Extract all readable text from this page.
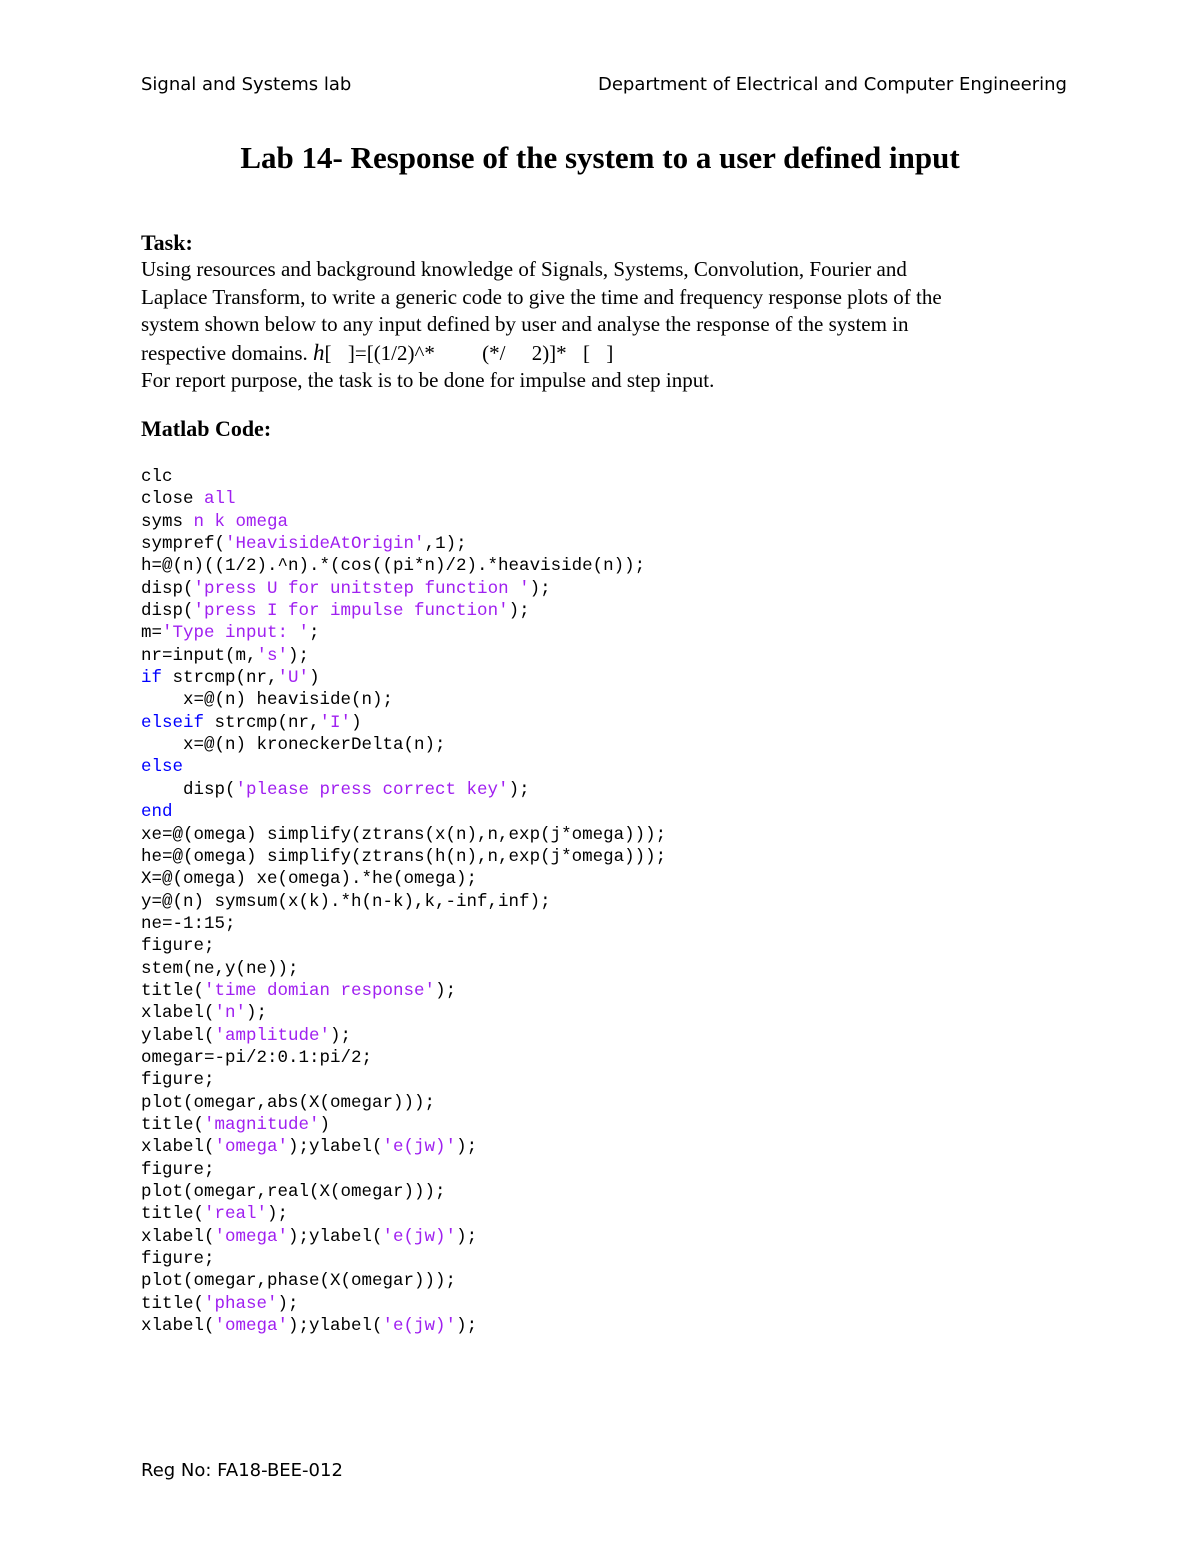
Signal and Systems lab	Department of Electrical and Computer Engineering
Lab 14- Response of the system to a user defined input
Task:

Using resources and background knowledge of Signals, Systems, Convolution, Fourier and

Laplace Transform, to write a generic code to give the time and frequency response plots of the

system shown below to any input defined by user and analyse the response of the system in

respective domains. h[ ]=[(1/2)^*         (*/     2)]* [ ]

For report purpose, the task is to be done for impulse and step input.

Matlab Code:
clc
close all
syms n k omega
sympref('HeavisideAtOrigin',1);
h=@(n)((1/2).^n).*(cos((pi*n)/2).*heaviside(n));
disp('press U for unitstep function ');
disp('press I for impulse function');
m='Type input: ';
nr=input(m,'s');
if strcmp(nr,'U')
x=@(n) heaviside(n);
elseif strcmp(nr,'I')
x=@(n) kroneckerDelta(n);
else
disp('please press correct key');
end
xe=@(omega) simplify(ztrans(x(n),n,exp(j*omega)));
he=@(omega) simplify(ztrans(h(n),n,exp(j*omega)));
X=@(omega) xe(omega).*he(omega);
y=@(n) symsum(x(k).*h(n-k),k,-inf,inf);
ne=-1:15;
figure;
stem(ne,y(ne));
title('time domian response');
xlabel('n');
ylabel('amplitude');
omegar=-pi/2:0.1:pi/2;
figure;
plot(omegar,abs(X(omegar)));
title('magnitude')
xlabel('omega');ylabel('e(jw)');
figure;
plot(omegar,real(X(omegar)));
title('real');
xlabel('omega');ylabel('e(jw)');
figure;
plot(omegar,phase(X(omegar)));
title('phase');
xlabel('omega');ylabel('e(jw)');
Reg No: FA18-BEE-012
